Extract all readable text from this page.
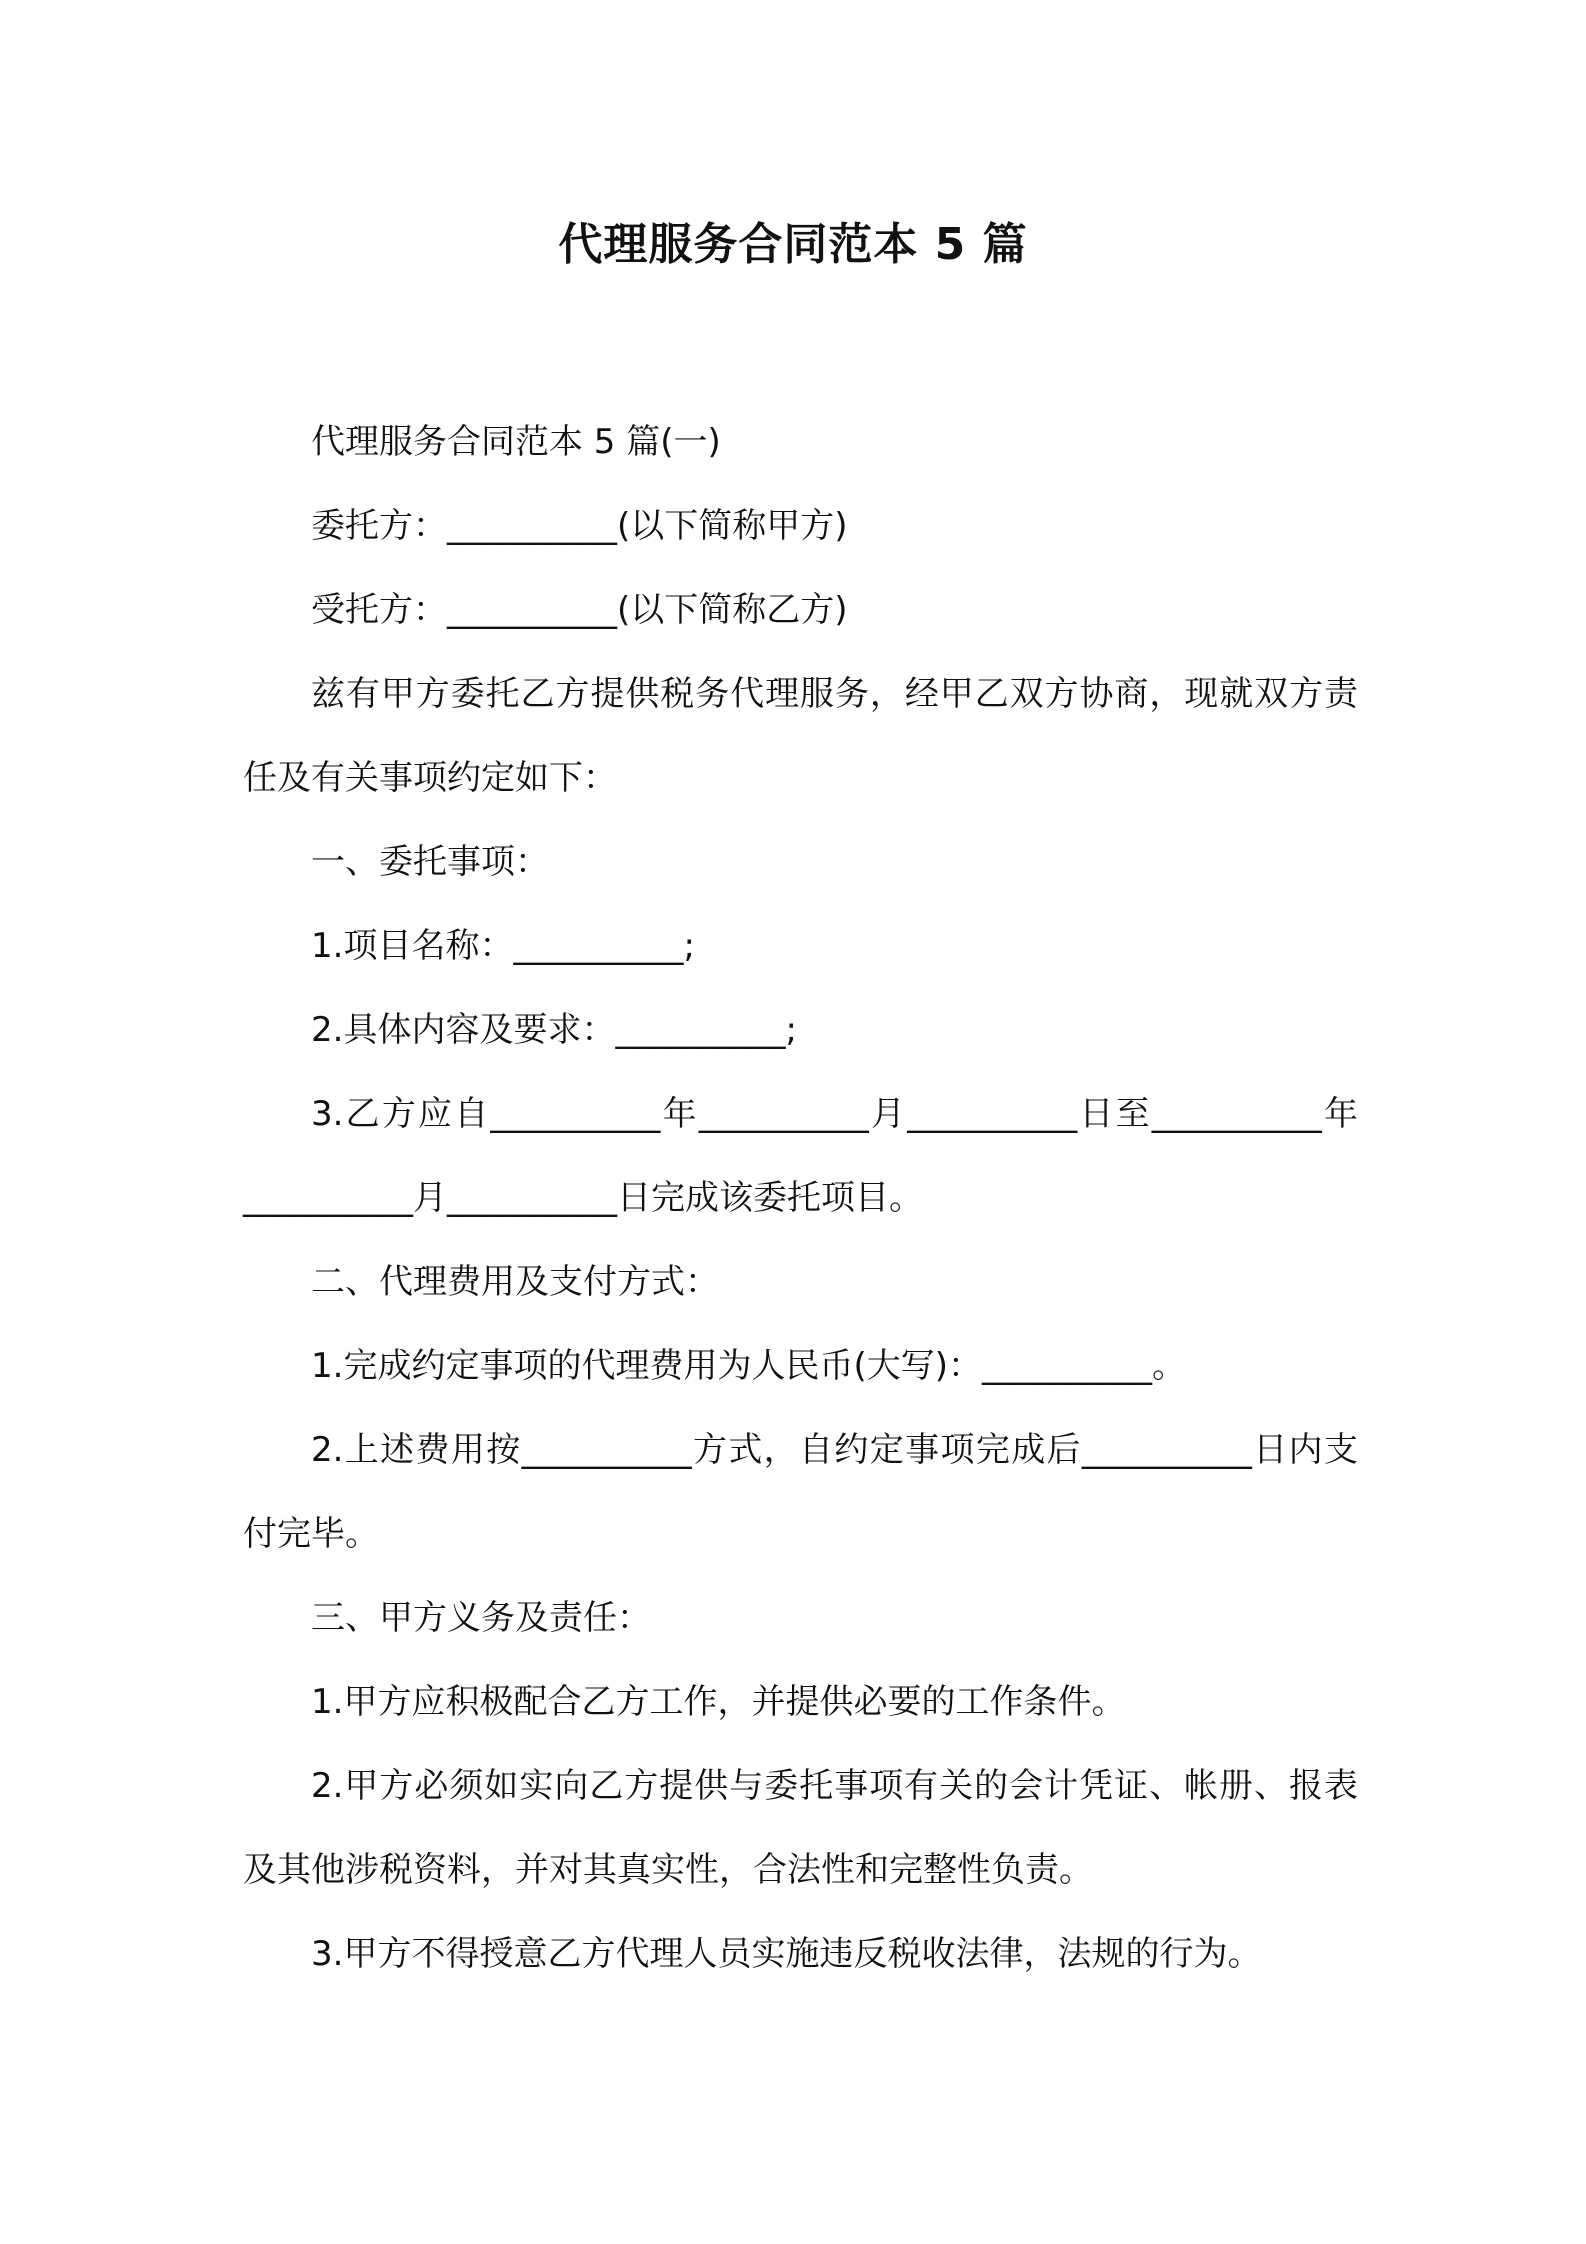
代理服务合同范本 5 篇

代理服务合同范本 5 篇(一)

委托方：__________(以下简称甲方)

受托方：__________(以下简称乙方)

兹有甲方委托乙方提供税务代理服务，经甲乙双方协商，现就双方责任及有关事项约定如下：

一、委托事项：

1.项目名称：__________;

2.具体内容及要求：__________;

3.乙方应自__________年__________月__________日至__________年__________月__________日完成该委托项目。

二、代理费用及支付方式：

1.完成约定事项的代理费用为人民币(大写)：__________。

2.上述费用按__________方式，自约定事项完成后__________日内支付完毕。

三、甲方义务及责任：

1.甲方应积极配合乙方工作，并提供必要的工作条件。

2.甲方必须如实向乙方提供与委托事项有关的会计凭证、帐册、报表及其他涉税资料，并对其真实性，合法性和完整性负责。

3.甲方不得授意乙方代理人员实施违反税收法律，法规的行为。
